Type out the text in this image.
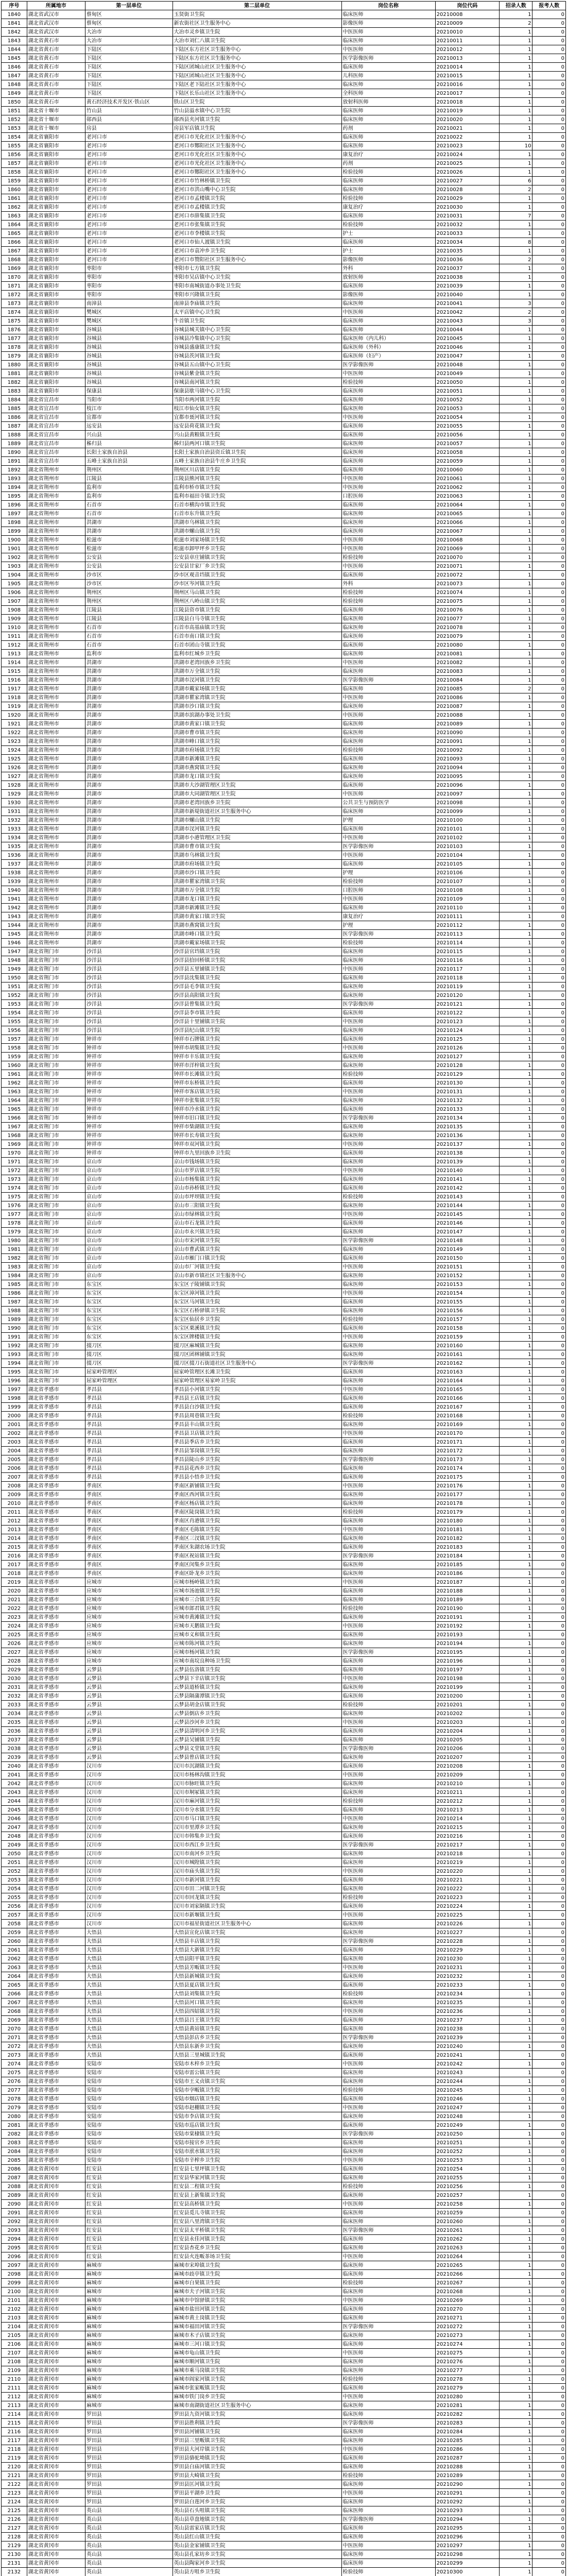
序号	所属地市	第一层单位	第二层单位	岗位名称	岗位代码	招录人数	报考人数
1840	湖北省武汉市	蔡甸区	玉贤街卫生院	临床医师	20210008	1	0
1841	湖北省武汉市	蔡甸区	新农街社区卫生服务中心	影像医师	20210009	2	0
1842	湖北省武汉市	大冶市	大冶市灵乡镇卫生院	中医医师	20210010	1	0
1843	湖北省黄石市	大冶市	大冶市刘仁八镇卫生院	临床医师	20210011	1	0
1844	湖北省黄石市	下陆区	下陆区东方社区卫生服务中心	中医医师	20210012	1	0
1845	湖北省黄石市	下陆区	下陆区东方社区卫生服务中心	医学影像医师	20210013	1	0
1846	湖北省黄石市	下陆区	下陆区团城山社区卫生服务中心	临床医师	20210014	1	0
1847	湖北省黄石市	下陆区	下陆区团城山社区卫生服务中心	儿科医师	20210015	1	0
1848	湖北省黄石市	下陆区	下陆区老下陆社区卫生服务中心	临床医师	20210016	1	0
1849	湖北省黄石市	下陆区	下陆区长乐山社区卫生服务中心	全科医师	20210017	1	0
1850	湖北省黄石市	黄石经济技术开发区·铁山区	铁山区卫生院	放射科医师	20210018	1	0
1851	湖北省十堰市	竹山县	竹山县溢水镇中心卫生院	临床医师	20210019	1	0
1852	湖北省十堰市	郧西县	郧西县夹河镇卫生院	临床医师	20210020	1	0
1853	湖北省十堰市	房县	房县军店镇卫生院	药剂	20210021	1	0
1854	湖北省襄阳市	老河口市	老河口市光化社区卫生服务中心	临床医师	20210022	1	0
1855	湖北省襄阳市	老河口市	老河口市酂阳社区卫生服务中心	临床医师	20210023	10	0
1856	湖北省襄阳市	老河口市	老河口市光化社区卫生服务中心	康复治疗	20210024	1	0
1857	湖北省襄阳市	老河口市	老河口市光化社区卫生服务中心	药剂	20210025	1	0
1858	湖北省襄阳市	老河口市	老河口市酂阳社区卫生服务中心	检验技师	20210026	1	0
1859	湖北省襄阳市	老河口市	老河口市竹林桥镇卫生院	临床医师	20210027	6	0
1860	湖北省襄阳市	老河口市	老河口市洪山嘴中心卫生院	临床医师	20210028	2	0
1861	湖北省襄阳市	老河口市	老河口市孟楼镇卫生院	检验技师	20210029	1	0
1862	湖北省襄阳市	老河口市	老河口市孟楼镇卫生院	康复治疗	20210030	1	0
1863	湖北省襄阳市	老河口市	老河口市薛集镇卫生院	临床医师	20210031	7	0
1864	湖北省襄阳市	老河口市	老河口市张集镇卫生院	检验技师	20210032	1	0
1865	湖北省襄阳市	老河口市	老河口市李楼镇卫生院	护士	20210033	1	0
1866	湖北省襄阳市	老河口市	老河口市仙人渡镇卫生院	临床医师	20210034	8	0
1867	湖北省襄阳市	老河口市	老河口市袁冲乡卫生院	护士	20210035	1	0
1868	湖北省襄阳市	老河口市	老河口市赞阳社区卫生服务中心	影像医师	20210036	2	0
1869	湖北省襄阳市	枣阳市	枣阳市七方镇卫生院	外科	20210037	1	0
1870	湖北省襄阳市	枣阳市	枣阳市吴店镇中心卫生院	放射医师	20210038	1	0
1871	湖北省襄阳市	枣阳市	枣阳市南城街道办事处卫生院	临床医师	20210039	1	0
1872	湖北省襄阳市	枣阳市	枣阳市兴隆镇卫生院	影像医师	20210040	1	0
1873	湖北省襄阳市	南漳县	南漳县李庙镇卫生院	临床医师	20210041	3	0
1874	湖北省襄阳市	樊城区	太平店镇中心卫生院	中医医师	20210042	2	0
1875	湖北省襄阳市	樊城区	牛首镇卫生院	临床医师	20210043	3	0
1876	湖北省襄阳市	谷城县	谷城县城关镇中心卫生院	临床医师	20210044	1	0
1877	湖北省襄阳市	谷城县	谷城县冷集镇中心卫生院	临床医师（内儿科）	20210045	1	0
1878	湖北省襄阳市	谷城县	谷城县盛康镇卫生院	临床医师（外科）	20210046	1	0
1879	湖北省襄阳市	谷城县	谷城县茨河镇卫生院	临床医师（妇产）	20210047	1	0
1880	湖北省襄阳市	谷城县	谷城县五山镇中心卫生院	医学影像医师	20210048	1	0
1881	湖北省襄阳市	谷城县	谷城县紫金镇卫生院	中医医师	20210049	1	0
1882	湖北省襄阳市	谷城县	谷城县南河镇卫生院	检验技师	20210050	1	0
1883	湖北省襄阳市	保康县	保康县歇马镇中心卫生院	临床医师	20210051	1	0
1884	湖北省宜昌市	当阳市	当阳市两河镇卫生院	临床医师	20210052	1	0
1885	湖北省宜昌市	枝江市	枝江市仙女镇卫生院	临床医师	20210053	1	0
1886	湖北省宜昌市	宜都市	宜都市聂河镇卫生院	中医医师	20210054	1	0
1887	湖北省宜昌市	远安县	远安县荷花镇卫生院	临床医师	20210055	1	0
1888	湖北省宜昌市	兴山县	兴山县黄粮镇卫生院	临床医师	20210056	1	0
1889	湖北省宜昌市	秭归县	秭归县两河口镇卫生院	临床医师	20210057	1	0
1890	湖北省宜昌市	长阳土家族自治县	长阳土家族自治县资丘镇卫生院	临床医师	20210058	1	0
1891	湖北省宜昌市	五峰土家族自治县	五峰土家族自治县牛庄乡卫生院	临床医师	20210059	1	0
1892	湖北省荆州市	荆州区	荆州区川店镇卫生院	临床医师	20210060	1	0
1893	湖北省荆州市	江陵县	江陵县熊河镇卫生院	中医医师	20210061	1	0
1894	湖北省荆州市	监利市	监利市桥市镇卫生院	中医医师	20210062	1	0
1895	湖北省荆州市	监利市	监利市福田寺镇卫生院	口腔医师	20210063	1	0
1896	湖北省荆州市	石首市	石首市横沟市镇卫生院	临床医师	20210064	1	0
1897	湖北省荆州市	石首市	石首市东升镇卫生院	临床医师	20210065	1	0
1898	湖北省荆州市	洪湖市	洪湖市乌林镇卫生院	临床医师	20210066	1	0
1899	湖北省荆州市	洪湖市	洪湖市螺山镇卫生院	临床医师	20210067	1	0
1900	湖北省荆州市	松滋市	松滋市刘家场镇卫生院	中医医师	20210068	1	0
1901	湖北省荆州市	松滋市	松滋市卸甲坪乡卫生院	中医医师	20210069	1	0
1902	湖北省荆州市	公安县	公安县章庄铺镇卫生院	检验技师	20210070	1	0
1903	湖北省荆州市	公安县	公安县甘家厂乡卫生院	中医医师	20210071	1	0
1904	湖北省荆州市	沙市区	沙市区观音垱镇卫生院	临床医师	20210072	1	0
1905	湖北省荆州市	沙市区	沙市区岑河镇卫生院	外科	20210073	1	0
1906	湖北省荆州市	荆州区	荆州区马山镇卫生院	检验技师	20210074	1	0
1907	湖北省荆州市	荆州区	荆州区八岭山镇卫生院	检验技师	20210075	1	0
1908	湖北省荆州市	江陵县	江陵县资市镇卫生院	临床医师	20210076	1	0
1909	湖北省荆州市	江陵县	江陵县白马寺镇卫生院	临床医师	20210077	1	0
1910	湖北省荆州市	石首市	石首市高基庙镇卫生院	临床医师	20210078	1	0
1911	湖北省荆州市	石首市	石首市南口镇卫生院	临床医师	20210079	1	0
1912	湖北省荆州市	石首市	石首市团山寺镇卫生院	临床医师	20210080	1	0
1913	湖北省荆州市	监利市	监利市红城乡卫生院	临床医师	20210081	1	0
1914	湖北省荆州市	洪湖市	洪湖市老湾回族乡卫生院	中医医师	20210082	1	0
1915	湖北省荆州市	洪湖市	洪湖市万全镇卫生院	临床医师	20210083	1	0
1916	湖北省荆州市	洪湖市	洪湖市汊河镇卫生院	医学影像医师	20210084	1	0
1917	湖北省荆州市	洪湖市	洪湖市戴家场镇卫生院	临床医师	20210085	2	0
1918	湖北省荆州市	洪湖市	洪湖市瞿家湾镇卫生院	中医医师	20210086	1	0
1919	湖北省荆州市	洪湖市	洪湖市沙口镇卫生院	临床医师	20210087	1	0
1920	湖北省荆州市	洪湖市	洪湖市滨湖办事处卫生院	中医医师	20210088	1	0
1921	湖北省荆州市	洪湖市	洪湖市黄家口镇卫生院	临床医师	20210089	1	0
1922	湖北省荆州市	洪湖市	洪湖市曹市镇卫生院	临床医师	20210090	1	0
1923	湖北省荆州市	洪湖市	洪湖市峰口镇卫生院	临床医师	20210091	1	0
1924	湖北省荆州市	洪湖市	洪湖市府场镇卫生院	检验技师	20210092	1	0
1925	湖北省荆州市	洪湖市	洪湖市新滩镇卫生院	临床医师	20210093	1	0
1926	湖北省荆州市	洪湖市	洪湖市燕窝镇卫生院	临床医师	20210094	1	0
1927	湖北省荆州市	洪湖市	洪湖市龙口镇卫生院	临床医师	20210095	1	0
1928	湖北省荆州市	洪湖市	洪湖市大沙湖管理区卫生院	临床医师	20210096	1	0
1929	湖北省荆州市	洪湖市	洪湖市大同湖管理区卫生院	中医医师	20210097	1	0
1930	湖北省荆州市	洪湖市	洪湖市老湾回族乡卫生院	公共卫生与预防医学	20210098	1	0
1931	湖北省荆州市	洪湖市	洪湖市新堤街道社区卫生服务中心	临床医师	20210099	1	0
1932	湖北省荆州市	洪湖市	洪湖市螺山镇卫生院	护理	20210100	1	0
1933	湖北省荆州市	洪湖市	洪湖市汊河镇卫生院	临床医师	20210101	1	0
1934	湖北省荆州市	洪湖市	洪湖市小港管理区卫生院	中医医师	20210102	1	0
1935	湖北省荆州市	洪湖市	洪湖市曹市镇卫生院	医学影像医师	20210103	1	0
1936	湖北省荆州市	洪湖市	洪湖市乌林镇卫生院	中医医师	20210104	1	0
1937	湖北省荆州市	洪湖市	洪湖市府场镇卫生院	临床医师	20210105	1	0
1938	湖北省荆州市	洪湖市	洪湖市沙口镇卫生院	护理	20210106	1	0
1939	湖北省荆州市	洪湖市	洪湖市瞿家湾镇卫生院	检验技师	20210107	1	0
1940	湖北省荆州市	洪湖市	洪湖市万全镇卫生院	口腔医师	20210108	1	0
1941	湖北省荆州市	洪湖市	洪湖市龙口镇卫生院	中医医师	20210109	1	0
1942	湖北省荆州市	洪湖市	洪湖市新滩镇卫生院	临床医师	20210110	1	0
1943	湖北省荆州市	洪湖市	洪湖市黄家口镇卫生院	康复治疗	20210111	1	0
1944	湖北省荆州市	洪湖市	洪湖市燕窝镇卫生院	护理	20210112	1	0
1945	湖北省荆州市	洪湖市	洪湖市峰口镇卫生院	医学影像医师	20210113	1	0
1946	湖北省荆州市	洪湖市	洪湖市戴家场镇卫生院	检验技师	20210114	1	0
1947	湖北省荆门市	沙洋县	沙洋县官垱镇卫生院	临床医师	20210115	1	0
1948	湖北省荆门市	沙洋县	沙洋县拾回桥镇卫生院	临床医师	20210116	1	0
1949	湖北省荆门市	沙洋县	沙洋县五里铺镇卫生院	中医医师	20210117	1	0
1950	湖北省荆门市	沙洋县	沙洋县沈集镇卫生院	临床医师	20210118	1	0
1951	湖北省荆门市	沙洋县	沙洋县毛李镇卫生院	临床医师	20210119	1	0
1952	湖北省荆门市	沙洋县	沙洋县高阳镇卫生院	临床医师	20210120	1	0
1953	湖北省荆门市	沙洋县	沙洋县曾集镇卫生院	医学影像医师	20210121	1	0
1954	湖北省荆门市	沙洋县	沙洋县李市镇卫生院	临床医师	20210122	1	0
1955	湖北省荆门市	沙洋县	沙洋县十里铺镇卫生院	中医医师	20210123	1	0
1956	湖北省荆门市	沙洋县	沙洋县纪山镇卫生院	临床医师	20210124	1	0
1957	湖北省荆门市	钟祥市	钟祥市石牌镇卫生院	临床医师	20210125	1	0
1958	湖北省荆门市	钟祥市	钟祥市胡集镇卫生院	中医医师	20210126	1	0
1959	湖北省荆门市	钟祥市	钟祥市丰乐镇卫生院	临床医师	20210127	1	0
1960	湖北省荆门市	钟祥市	钟祥市洋梓镇卫生院	临床医师	20210128	1	0
1961	湖北省荆门市	钟祥市	钟祥市长滩镇卫生院	检验技师	20210129	1	0
1962	湖北省荆门市	钟祥市	钟祥市东桥镇卫生院	临床医师	20210130	1	0
1963	湖北省荆门市	钟祥市	钟祥市客店镇卫生院	中医医师	20210131	1	0
1964	湖北省荆门市	钟祥市	钟祥市张集镇卫生院	临床医师	20210132	1	0
1965	湖北省荆门市	钟祥市	钟祥市冷水镇卫生院	临床医师	20210133	1	0
1966	湖北省荆门市	钟祥市	钟祥市旧口镇卫生院	医学影像医师	20210134	1	0
1967	湖北省荆门市	钟祥市	钟祥市柴湖镇卫生院	临床医师	20210135	1	0
1968	湖北省荆门市	钟祥市	钟祥市长寿镇卫生院	临床医师	20210136	1	0
1969	湖北省荆门市	钟祥市	钟祥市双河镇卫生院	中医医师	20210137	1	0
1970	湖北省荆门市	钟祥市	钟祥市九里回族乡卫生院	临床医师	20210138	1	0
1971	湖北省荆门市	京山市	京山市钱场镇卫生院	临床医师	20210139	1	0
1972	湖北省荆门市	京山市	京山市罗店镇卫生院	中医医师	20210140	1	0
1973	湖北省荆门市	京山市	京山市杨集镇卫生院	临床医师	20210141	1	0
1974	湖北省荆门市	京山市	京山市孙桥镇卫生院	临床医师	20210142	1	0
1975	湖北省荆门市	京山市	京山市坪坝镇卫生院	检验技师	20210143	1	0
1976	湖北省荆门市	京山市	京山市三阳镇卫生院	临床医师	20210144	1	0
1977	湖北省荆门市	京山市	京山市绿林镇卫生院	中医医师	20210145	1	0
1978	湖北省荆门市	京山市	京山市石龙镇卫生院	临床医师	20210146	1	0
1979	湖北省荆门市	京山市	京山市永兴镇卫生院	临床医师	20210147	1	0
1980	湖北省荆门市	京山市	京山市宋河镇卫生院	医学影像医师	20210148	1	0
1981	湖北省荆门市	京山市	京山市曹武镇卫生院	临床医师	20210149	1	0
1982	湖北省荆门市	京山市	京山市雁门口镇卫生院	临床医师	20210150	1	0
1983	湖北省荆门市	京山市	京山市厂河镇卫生院	中医医师	20210151	1	0
1984	湖北省荆门市	京山市	京山市新市镇社区卫生服务中心	临床医师	20210152	1	0
1985	湖北省荆门市	东宝区	东宝区子陵铺镇卫生院	临床医师	20210153	1	0
1986	湖北省荆门市	东宝区	东宝区漳河镇卫生院	中医医师	20210154	1	0
1987	湖北省荆门市	东宝区	东宝区马河镇卫生院	临床医师	20210155	1	0
1988	湖北省荆门市	东宝区	东宝区石桥驿镇卫生院	临床医师	20210156	1	0
1989	湖北省荆门市	东宝区	东宝区仙居乡卫生院	检验技师	20210157	1	0
1990	湖北省荆门市	东宝区	东宝区栗溪镇卫生院	临床医师	20210158	1	0
1991	湖北省荆门市	东宝区	东宝区牌楼镇卫生院	中医医师	20210159	1	0
1992	湖北省荆门市	掇刀区	掇刀区麻城镇卫生院	临床医师	20210160	1	0
1993	湖北省荆门市	掇刀区	掇刀区团林铺镇卫生院	临床医师	20210161	1	0
1994	湖北省荆门市	掇刀区	掇刀区掇刀石街道社区卫生服务中心	医学影像医师	20210162	1	0
1995	湖北省荆门市	屈家岭管理区	屈家岭管理区长滩卫生院	临床医师	20210163	1	0
1996	湖北省荆门市	屈家岭管理区	屈家岭管理区易家岭卫生院	临床医师	20210164	1	0
1997	湖北省孝感市	孝昌县	孝昌县小河镇卫生院	中医医师	20210165	1	0
1998	湖北省孝感市	孝昌县	孝昌县王店镇卫生院	临床医师	20210166	1	0
1999	湖北省孝感市	孝昌县	孝昌县白沙镇卫生院	临床医师	20210167	1	0
2000	湖北省孝感市	孝昌县	孝昌县周巷镇卫生院	检验技师	20210168	1	0
2001	湖北省孝感市	孝昌县	孝昌县丰山镇卫生院	临床医师	20210169	1	0
2002	湖北省孝感市	孝昌县	孝昌县卫店镇卫生院	中医医师	20210170	1	0
2003	湖北省孝感市	孝昌县	孝昌县季店乡卫生院	临床医师	20210171	1	0
2004	湖北省孝感市	孝昌县	孝昌县邹岗镇卫生院	临床医师	20210172	1	0
2005	湖北省孝感市	孝昌县	孝昌县陡山乡卫生院	医学影像医师	20210173	1	0
2006	湖北省孝感市	孝昌县	孝昌县花西乡卫生院	临床医师	20210174	1	0
2007	湖北省孝感市	孝昌县	孝昌县小悟乡卫生院	临床医师	20210175	1	0
2008	湖北省孝感市	孝南区	孝南区新铺镇卫生院	中医医师	20210176	1	0
2009	湖北省孝感市	孝南区	孝南区西河镇卫生院	临床医师	20210177	1	0
2010	湖北省孝感市	孝南区	孝南区杨店镇卫生院	临床医师	20210178	1	0
2011	湖北省孝感市	孝南区	孝南区陡岗镇卫生院	检验技师	20210179	1	0
2012	湖北省孝感市	孝南区	孝南区肖港镇卫生院	临床医师	20210180	1	0
2013	湖北省孝感市	孝南区	孝南区毛陈镇卫生院	中医医师	20210181	1	0
2014	湖北省孝感市	孝南区	孝南区三汊镇卫生院	临床医师	20210182	1	0
2015	湖北省孝感市	孝南区	孝南区朱湖农场卫生院	临床医师	20210183	1	0
2016	湖北省孝感市	孝南区	孝南区祝站镇卫生院	医学影像医师	20210184	1	0
2017	湖北省孝感市	孝南区	孝南区闵集乡卫生院	临床医师	20210185	1	0
2018	湖北省孝感市	孝南区	孝南区卧龙乡卫生院	临床医师	20210186	1	0
2019	湖北省孝感市	应城市	应城市杨岭镇卫生院	中医医师	20210187	1	0
2020	湖北省孝感市	应城市	应城市汤池镇卫生院	临床医师	20210188	1	0
2021	湖北省孝感市	应城市	应城市三合镇卫生院	临床医师	20210189	1	0
2022	湖北省孝感市	应城市	应城市郎君镇卫生院	检验技师	20210190	1	0
2023	湖北省孝感市	应城市	应城市黄滩镇卫生院	临床医师	20210191	1	0
2024	湖北省孝感市	应城市	应城市天鹅镇卫生院	中医医师	20210192	1	0
2025	湖北省孝感市	应城市	应城市义和镇卫生院	临床医师	20210193	1	0
2026	湖北省孝感市	应城市	应城市陈河镇卫生院	临床医师	20210194	1	0
2027	湖北省孝感市	应城市	应城市杨河镇卫生院	医学影像医师	20210195	1	0
2028	湖北省孝感市	应城市	应城市南垸良种场卫生院	临床医师	20210196	1	0
2029	湖北省孝感市	云梦县	云梦县伍洛镇卫生院	临床医师	20210197	1	0
2030	湖北省孝感市	云梦县	云梦县下辛店镇卫生院	中医医师	20210198	1	0
2031	湖北省孝感市	云梦县	云梦县道桥镇卫生院	临床医师	20210199	1	0
2032	湖北省孝感市	云梦县	云梦县隔蒲潭镇卫生院	临床医师	20210200	1	0
2033	湖北省孝感市	云梦县	云梦县胡金店镇卫生院	检验技师	20210201	1	0
2034	湖北省孝感市	云梦县	云梦县倒店乡卫生院	临床医师	20210202	1	0
2035	湖北省孝感市	云梦县	云梦县沙河乡卫生院	中医医师	20210203	1	0
2036	湖北省孝感市	云梦县	云梦县清明河乡卫生院	临床医师	20210204	1	0
2037	湖北省孝感市	云梦县	云梦县吴铺镇卫生院	临床医师	20210205	1	0
2038	湖北省孝感市	云梦县	云梦县义堂镇卫生院	医学影像医师	20210206	1	0
2039	湖北省孝感市	云梦县	云梦县曾店镇卫生院	临床医师	20210207	1	0
2040	湖北省孝感市	汉川市	汉川市沉湖镇卫生院	临床医师	20210208	1	0
2041	湖北省孝感市	汉川市	汉川市杨林沟镇卫生院	中医医师	20210209	1	0
2042	湖北省孝感市	汉川市	汉川市脉旺镇卫生院	临床医师	20210210	1	0
2043	湖北省孝感市	汉川市	汉川市垌冢镇卫生院	临床医师	20210211	1	0
2044	湖北省孝感市	汉川市	汉川市麻河镇卫生院	检验技师	20210212	1	0
2045	湖北省孝感市	汉川市	汉川市分水镇卫生院	临床医师	20210213	1	0
2046	湖北省孝感市	汉川市	汉川市马口镇卫生院	中医医师	20210214	1	0
2047	湖北省孝感市	汉川市	汉川市里潭乡卫生院	临床医师	20210215	1	0
2048	湖北省孝感市	汉川市	汉川市韩集乡卫生院	临床医师	20210216	1	0
2049	湖北省孝感市	汉川市	汉川市西江乡卫生院	医学影像医师	20210217	1	0
2050	湖北省孝感市	汉川市	汉川市南河乡卫生院	临床医师	20210218	1	0
2051	湖北省孝感市	汉川市	汉川市城隍镇卫生院	临床医师	20210219	1	0
2052	湖北省孝感市	汉川市	汉川市庙头镇卫生院	中医医师	20210220	1	0
2053	湖北省孝感市	汉川市	汉川市新河镇卫生院	临床医师	20210221	1	0
2054	湖北省孝感市	汉川市	汉川市田二河镇卫生院	临床医师	20210222	1	0
2055	湖北省孝感市	汉川市	汉川市回龙镇卫生院	检验技师	20210223	1	0
2056	湖北省孝感市	汉川市	汉川市刘家隔镇卫生院	临床医师	20210224	1	0
2057	湖北省孝感市	汉川市	汉川市新堰镇卫生院	中医医师	20210225	1	0
2058	湖北省孝感市	汉川市	汉川市福星街道社区卫生服务中心	临床医师	20210226	1	0
2059	湖北省孝感市	大悟县	大悟县宣化店镇卫生院	临床医师	20210227	1	0
2060	湖北省孝感市	大悟县	大悟县丰店镇卫生院	医学影像医师	20210228	1	0
2061	湖北省孝感市	大悟县	大悟县大新镇卫生院	临床医师	20210229	1	0
2062	湖北省孝感市	大悟县	大悟县阳平镇卫生院	临床医师	20210230	1	0
2063	湖北省孝感市	大悟县	大悟县芳畈镇卫生院	中医医师	20210231	1	0
2064	湖北省孝感市	大悟县	大悟县新城镇卫生院	临床医师	20210232	1	0
2065	湖北省孝感市	大悟县	大悟县夏店镇卫生院	临床医师	20210233	1	0
2066	湖北省孝感市	大悟县	大悟县刘集镇卫生院	检验技师	20210234	1	0
2067	湖北省孝感市	大悟县	大悟县河口镇卫生院	临床医师	20210235	1	0
2068	湖北省孝感市	大悟县	大悟县四姑镇卫生院	中医医师	20210236	1	0
2069	湖北省孝感市	大悟县	大悟县吕王镇卫生院	临床医师	20210237	1	0
2070	湖北省孝感市	大悟县	大悟县黄站镇卫生院	临床医师	20210238	1	0
2071	湖北省孝感市	大悟县	大悟县彭店乡卫生院	医学影像医师	20210239	1	0
2072	湖北省孝感市	大悟县	大悟县东新乡卫生院	临床医师	20210240	1	0
2073	湖北省孝感市	大悟县	大悟县三里城镇卫生院	临床医师	20210241	1	0
2074	湖北省孝感市	安陆市	安陆市木梓乡卫生院	中医医师	20210242	1	0
2075	湖北省孝感市	安陆市	安陆市雷公镇卫生院	临床医师	20210243	1	0
2076	湖北省孝感市	安陆市	安陆市王义贞镇卫生院	临床医师	20210244	1	0
2077	湖北省孝感市	安陆市	安陆市孛畈镇卫生院	检验技师	20210245	1	0
2078	湖北省孝感市	安陆市	安陆市烟店镇卫生院	临床医师	20210246	1	0
2079	湖北省孝感市	安陆市	安陆市赵棚镇卫生院	中医医师	20210247	1	0
2080	湖北省孝感市	安陆市	安陆市李店镇卫生院	临床医师	20210248	1	0
2081	湖北省孝感市	安陆市	安陆市巡店镇卫生院	临床医师	20210249	1	0
2082	湖北省孝感市	安陆市	安陆市棠棣镇卫生院	医学影像医师	20210250	1	0
2083	湖北省孝感市	安陆市	安陆市接官乡卫生院	临床医师	20210251	1	0
2084	湖北省孝感市	安陆市	安陆市洑水镇卫生院	临床医师	20210252	1	0
2085	湖北省孝感市	安陆市	安陆市辛榨乡卫生院	中医医师	20210253	1	0
2086	湖北省黄冈市	红安县	红安县七里坪镇卫生院	临床医师	20210254	1	0
2087	湖北省黄冈市	红安县	红安县华家河镇卫生院	临床医师	20210255	1	0
2088	湖北省黄冈市	红安县	红安县二程镇卫生院	检验技师	20210256	1	0
2089	湖北省黄冈市	红安县	红安县上新集镇卫生院	临床医师	20210257	1	0
2090	湖北省黄冈市	红安县	红安县高桥镇卫生院	中医医师	20210258	1	0
2091	湖北省黄冈市	红安县	红安县觅儿寺镇卫生院	临床医师	20210259	1	0
2092	湖北省黄冈市	红安县	红安县八里湾镇卫生院	临床医师	20210260	1	0
2093	湖北省黄冈市	红安县	红安县太平桥镇卫生院	医学影像医师	20210261	1	0
2094	湖北省黄冈市	红安县	红安县永佳河镇卫生院	临床医师	20210262	1	0
2095	湖北省黄冈市	红安县	红安县杏花乡卫生院	临床医师	20210263	1	0
2096	湖北省黄冈市	红安县	红安县火连畈茶场卫生院	中医医师	20210264	1	0
2097	湖北省黄冈市	麻城市	麻城市宋埠镇卫生院	临床医师	20210265	1	0
2098	湖北省黄冈市	麻城市	麻城市歧亭镇卫生院	临床医师	20210266	1	0
2099	湖北省黄冈市	麻城市	麻城市白果镇卫生院	检验技师	20210267	1	0
2100	湖北省黄冈市	麻城市	麻城市夫子河镇卫生院	临床医师	20210268	1	0
2101	湖北省黄冈市	麻城市	麻城市中馆驿镇卫生院	中医医师	20210269	1	0
2102	湖北省黄冈市	麻城市	麻城市盐田河镇卫生院	临床医师	20210270	1	0
2103	湖北省黄冈市	麻城市	麻城市黄土岗镇卫生院	临床医师	20210271	1	0
2104	湖北省黄冈市	麻城市	麻城市福田河镇卫生院	医学影像医师	20210272	1	0
2105	湖北省黄冈市	麻城市	麻城市木子店镇卫生院	临床医师	20210273	1	0
2106	湖北省黄冈市	麻城市	麻城市三河口镇卫生院	临床医师	20210274	1	0
2107	湖北省黄冈市	麻城市	麻城市龟山镇卫生院	中医医师	20210275	1	0
2108	湖北省黄冈市	麻城市	麻城市顺河镇卫生院	临床医师	20210276	1	0
2109	湖北省黄冈市	麻城市	麻城市乘马岗镇卫生院	临床医师	20210277	1	0
2110	湖北省黄冈市	麻城市	麻城市阎家河镇卫生院	检验技师	20210278	1	0
2111	湖北省黄冈市	麻城市	麻城市张家畈镇卫生院	临床医师	20210279	1	0
2112	湖北省黄冈市	麻城市	麻城市铁门岗乡卫生院	中医医师	20210280	1	0
2113	湖北省黄冈市	麻城市	麻城市南湖街道社区卫生服务中心	临床医师	20210281	1	0
2114	湖北省黄冈市	罗田县	罗田县九资河镇卫生院	临床医师	20210282	1	0
2115	湖北省黄冈市	罗田县	罗田县胜利镇卫生院	医学影像医师	20210283	1	0
2116	湖北省黄冈市	罗田县	罗田县河铺镇卫生院	临床医师	20210284	1	0
2117	湖北省黄冈市	罗田县	罗田县三里畈镇卫生院	临床医师	20210285	1	0
2118	湖北省黄冈市	罗田县	罗田县大河岸镇卫生院	中医医师	20210286	1	0
2119	湖北省黄冈市	罗田县	罗田县骆驼坳镇卫生院	临床医师	20210287	1	0
2120	湖北省黄冈市	罗田县	罗田县白庙河镇卫生院	临床医师	20210288	1	0
2121	湖北省黄冈市	罗田县	罗田县大崎镇卫生院	检验技师	20210289	1	0
2122	湖北省黄冈市	罗田县	罗田县匡河镇卫生院	临床医师	20210290	1	0
2123	湖北省黄冈市	罗田县	罗田县平湖乡卫生院	中医医师	20210291	1	0
2124	湖北省黄冈市	罗田县	罗田县白莲河乡卫生院	临床医师	20210292	1	0
2125	湖北省黄冈市	英山县	英山县石头咀镇卫生院	临床医师	20210293	1	0
2126	湖北省黄冈市	英山县	英山县草盘地镇卫生院	医学影像医师	20210294	1	0
2127	湖北省黄冈市	英山县	英山县雷家店镇卫生院	临床医师	20210295	1	0
2128	湖北省黄冈市	英山县	英山县红山镇卫生院	临床医师	20210296	1	0
2129	湖北省黄冈市	英山县	英山县金家铺镇卫生院	中医医师	20210297	1	0
2130	湖北省黄冈市	英山县	英山县孔家坊乡卫生院	临床医师	20210298	1	0
2131	湖北省黄冈市	英山县	英山县陶家河乡卫生院	临床医师	20210299	1	0
2132	湖北省黄冈市	英山县	英山县方咀乡卫生院	检验技师	20210300	1	0
